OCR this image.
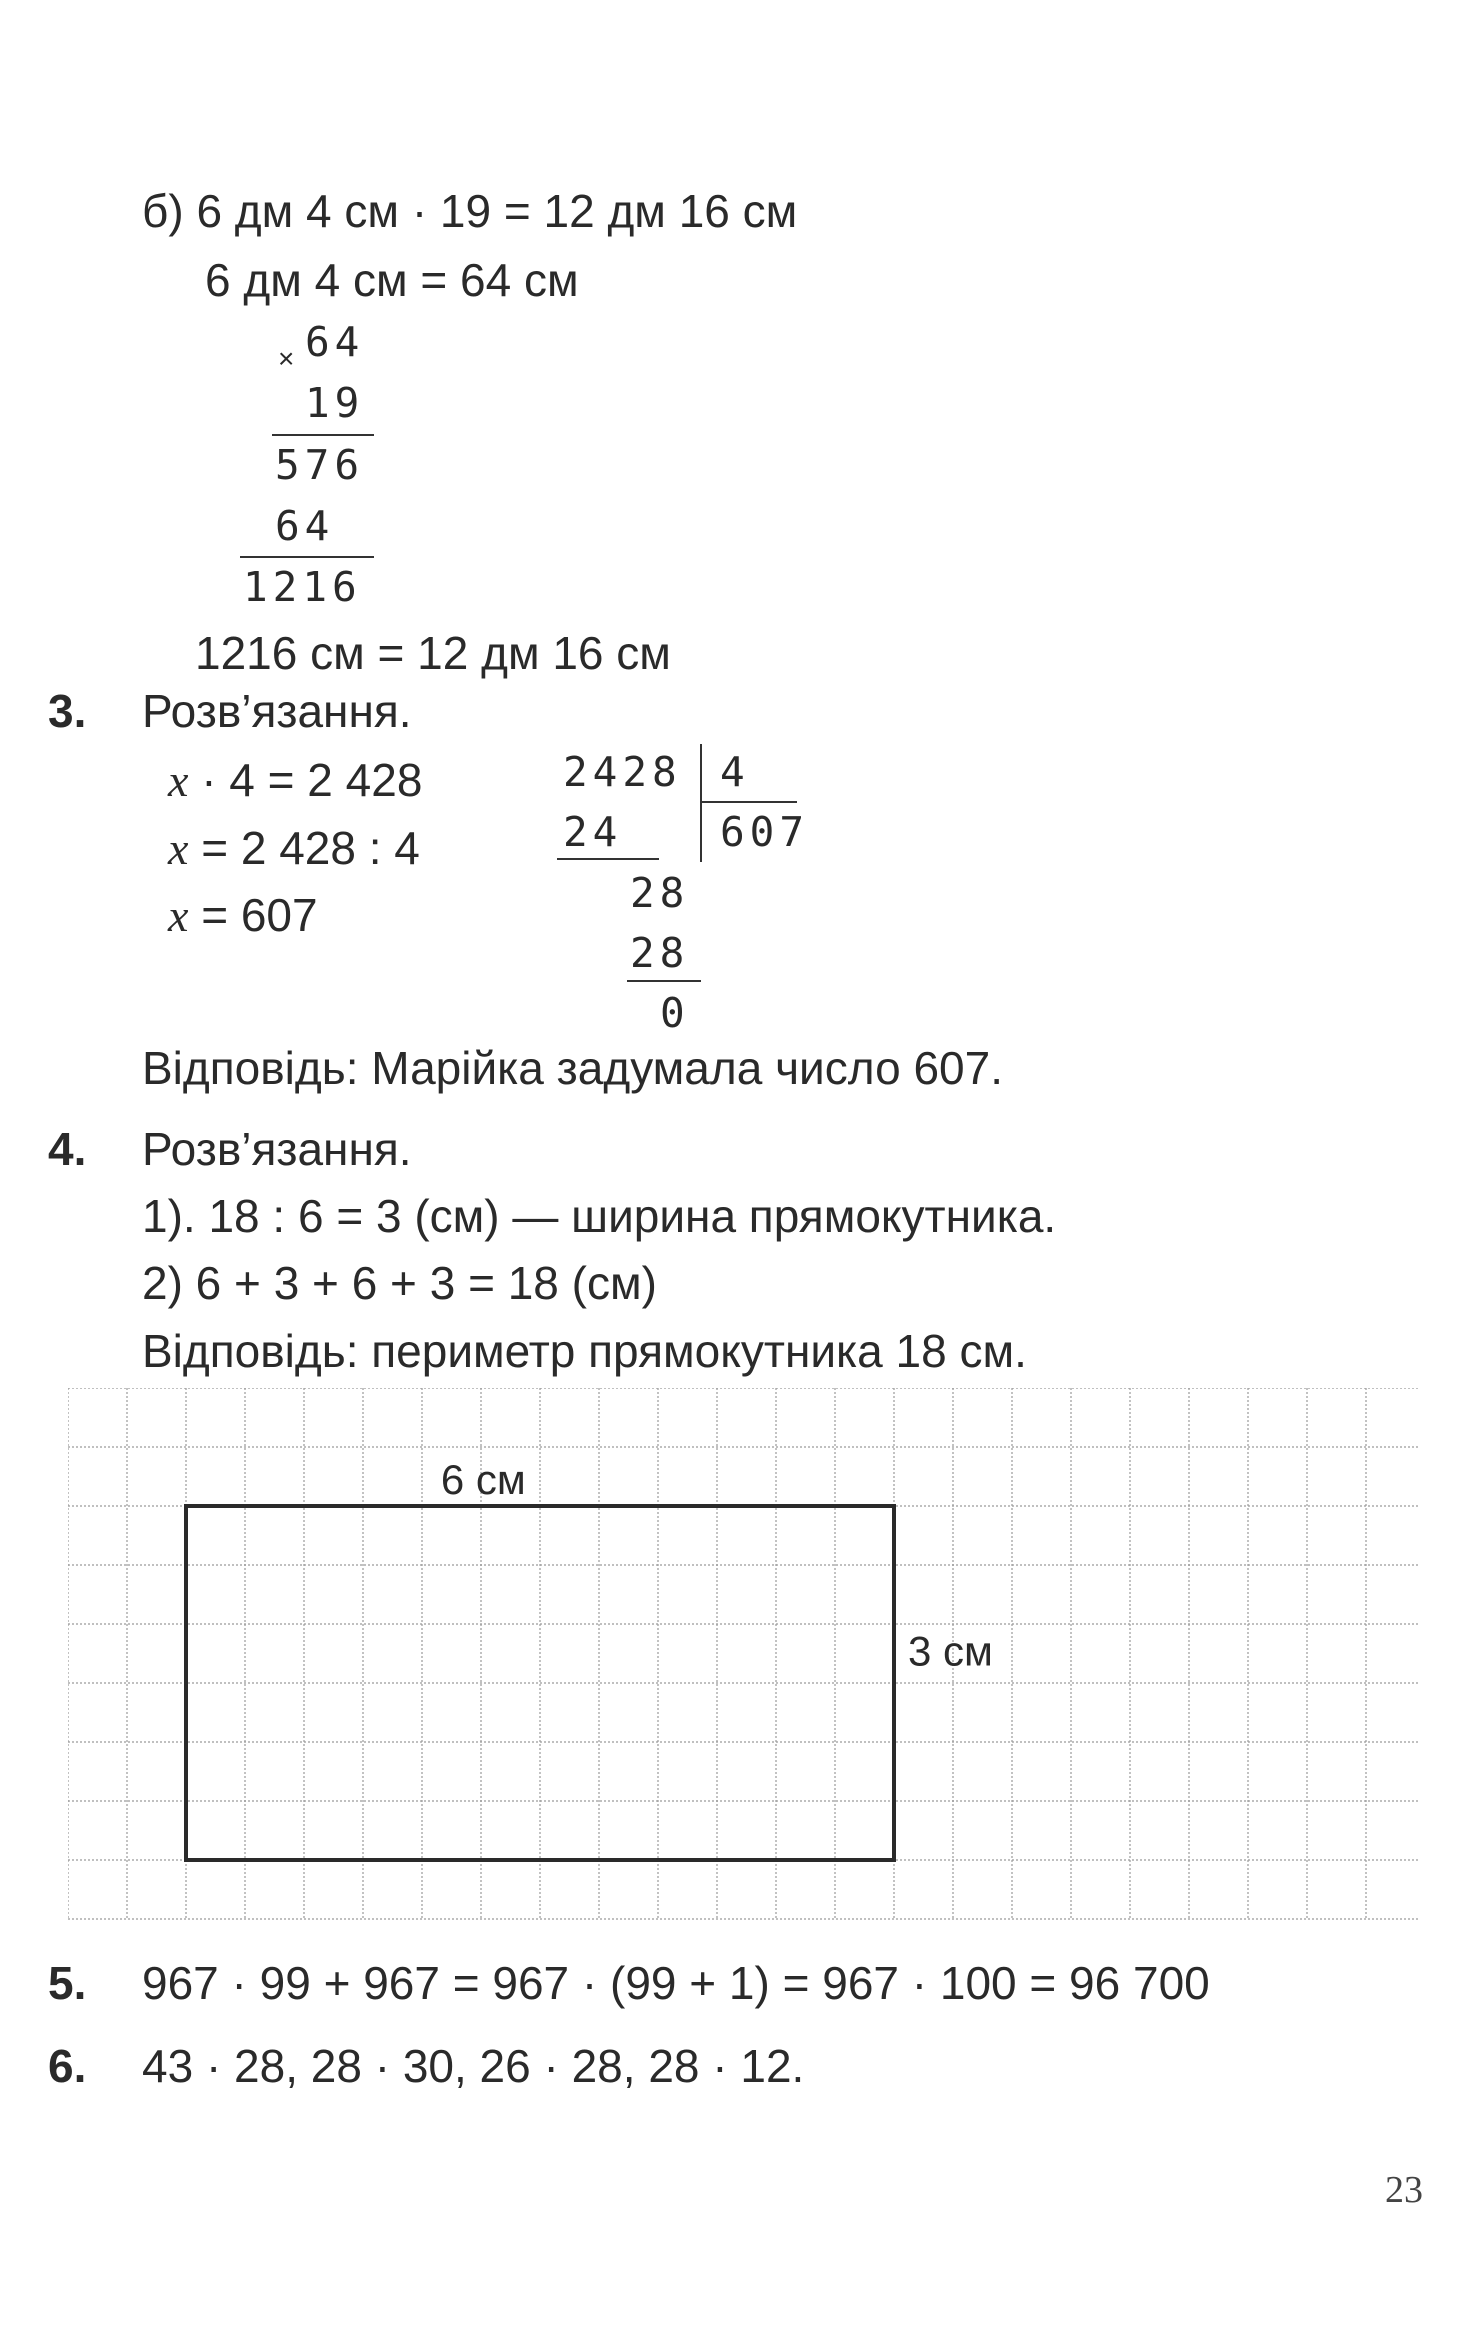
б) 6 дм 4 см · 19 = 12 дм 16 см
6 дм 4 см = 64 см
× 64
19
576
64
1216
1216 см = 12 дм 16 см
3. Розв’язання.
x · 4 = 2 428
x = 2 428 : 4
x = 607
2428 4
607
24
28
28
0
Відповідь: Марійка задумала число 607.
4. Розв’язання.
1). 18 : 6 = 3 (см) — ширина прямокутника.
2) 6 + 3 + 6 + 3 = 18 (см)
Відповідь: периметр прямокутника 18 см.
6 см
3 см
5. 967 · 99 + 967 = 967 · (99 + 1) = 967 · 100 = 96 700
6. 43 · 28, 28 · 30, 26 · 28, 28 · 12.
23
